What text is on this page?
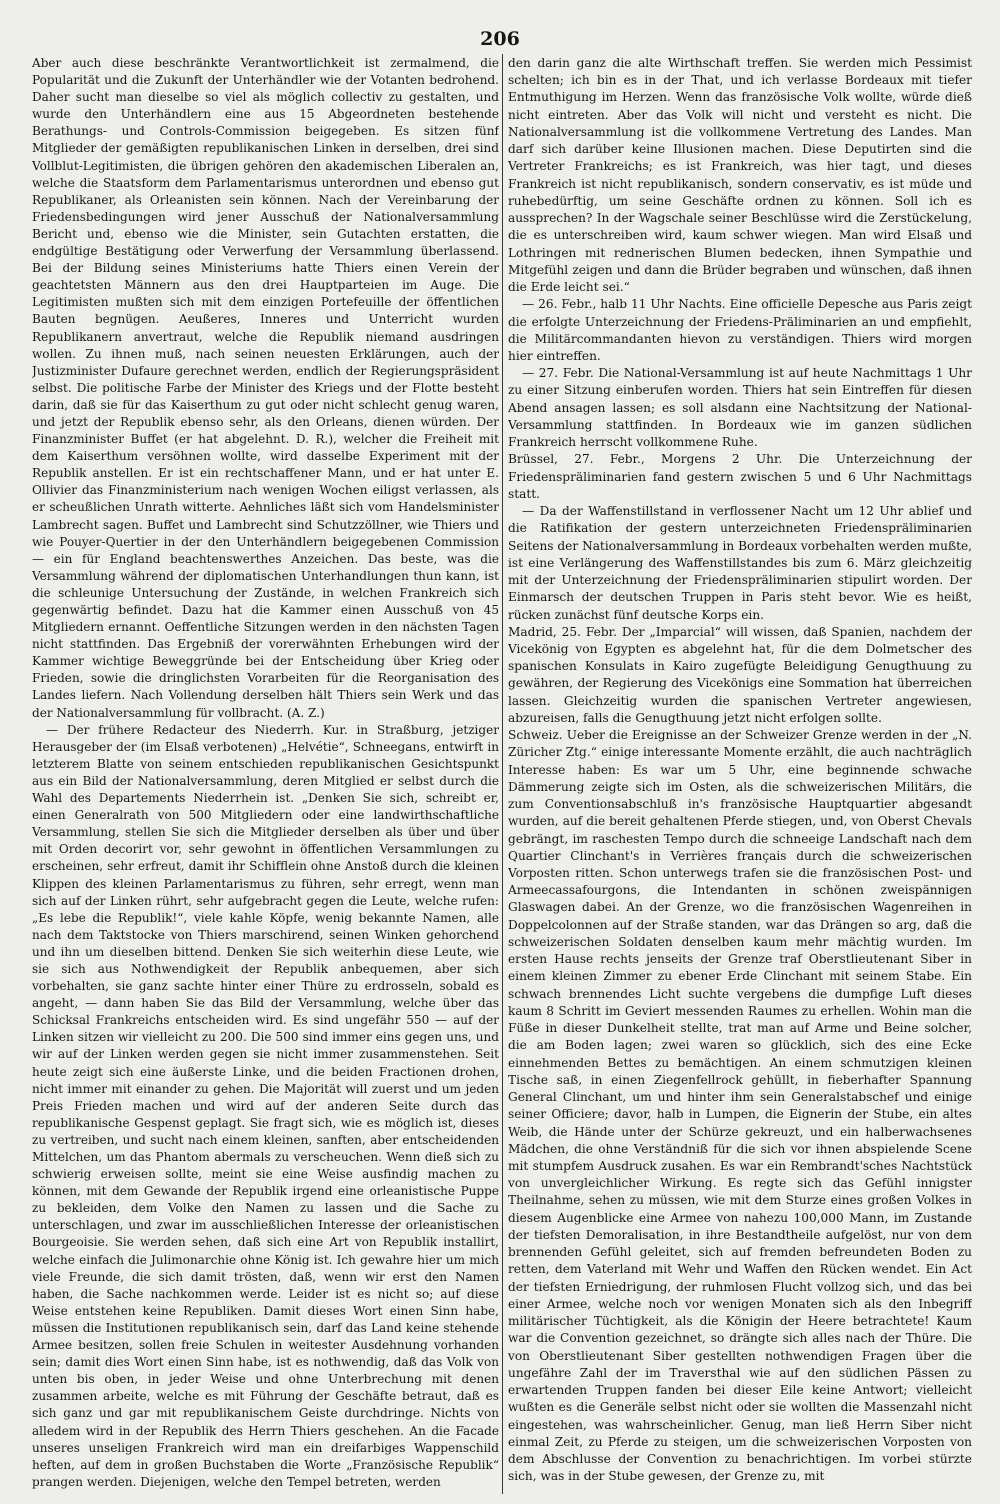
206

Aber auch diese beschränkte Verantwortlichkeit ist zermalmend, die Popularität und die Zukunft der Unterhändler wie der Votanten bedrohend. Daher sucht man dieselbe so viel als möglich collectiv zu gestalten, und wurde den Unterhändlern eine aus 15 Abgeordneten bestehende Berathungs- und Controls-Commission beigegeben. Es sitzen fünf Mitglieder der gemäßigten republikanischen Linken in derselben, drei sind Vollblut-Legitimisten, die übrigen gehören den akademischen Liberalen an, welche die Staatsform dem Parlamentarismus unterordnen und ebenso gut Republikaner, als Orleanisten sein können. Nach der Vereinbarung der Friedensbedingungen wird jener Ausschuß der Nationalversammlung Bericht und, ebenso wie die Minister, sein Gutachten erstatten, die endgültige Bestätigung oder Verwerfung der Versammlung überlassend. Bei der Bildung seines Ministeriums hatte Thiers einen Verein der geachtetsten Männern aus den drei Hauptparteien im Auge. Die Legitimisten mußten sich mit dem einzigen Portefeuille der öffentlichen Bauten begnügen. Aeußeres, Inneres und Unterricht wurden Republikanern anvertraut, welche die Republik niemand ausdringen wollen. Zu ihnen muß, nach seinen neuesten Erklärungen, auch der Justizminister Dufaure gerechnet werden, endlich der Regierungspräsident selbst. Die politische Farbe der Minister des Kriegs und der Flotte besteht darin, daß sie für das Kaiserthum zu gut oder nicht schlecht genug waren, und jetzt der Republik ebenso sehr, als den Orleans, dienen würden. Der Finanzminister Buffet (er hat abgelehnt. D. R.), welcher die Freiheit mit dem Kaiserthum versöhnen wollte, wird dasselbe Experiment mit der Republik anstellen. Er ist ein rechtschaffener Mann, und er hat unter E. Ollivier das Finanzministerium nach wenigen Wochen eiligst verlassen, als er scheußlichen Unrath witterte. Aehnliches läßt sich vom Handelsminister Lambrecht sagen. Buffet und Lambrecht sind Schutzzöllner, wie Thiers und wie Pouyer-Quertier in der den Unterhändlern beigegebenen Commission — ein für England beachtenswerthes Anzeichen. Das beste, was die Versammlung während der diplomatischen Unterhandlungen thun kann, ist die schleunige Untersuchung der Zustände, in welchen Frankreich sich gegenwärtig befindet. Dazu hat die Kammer einen Ausschuß von 45 Mitgliedern ernannt. Oeffentliche Sitzungen werden in den nächsten Tagen nicht stattfinden. Das Ergebniß der vorerwähnten Erhebungen wird der Kammer wichtige Beweggründe bei der Entscheidung über Krieg oder Frieden, sowie die dringlichsten Vorarbeiten für die Reorganisation des Landes liefern. Nach Vollendung derselben hält Thiers sein Werk und das der Nationalversammlung für vollbracht. (A. Z.)

— Der frühere Redacteur des Niederrh. Kur. in Straßburg, jetziger Herausgeber der (im Elsaß verbotenen) „Helvétie“, Schneegans, entwirft in letzterem Blatte von seinem entschieden republikanischen Gesichtspunkt aus ein Bild der Nationalversammlung, deren Mitglied er selbst durch die Wahl des Departements Niederrhein ist. „Denken Sie sich, schreibt er, einen Generalrath von 500 Mitgliedern oder eine landwirthschaftliche Versammlung, stellen Sie sich die Mitglieder derselben als über und über mit Orden decorirt vor, sehr gewohnt in öffentlichen Versammlungen zu erscheinen, sehr erfreut, damit ihr Schifflein ohne Anstoß durch die kleinen Klippen des kleinen Parlamentarismus zu führen, sehr erregt, wenn man sich auf der Linken rührt, sehr aufgebracht gegen die Leute, welche rufen: „Es lebe die Republik!“, viele kahle Köpfe, wenig bekannte Namen, alle nach dem Taktstocke von Thiers marschirend, seinen Winken gehorchend und ihn um dieselben bittend. Denken Sie sich weiterhin diese Leute, wie sie sich aus Nothwendigkeit der Republik anbequemen, aber sich vorbehalten, sie ganz sachte hinter einer Thüre zu erdrosseln, sobald es angeht, — dann haben Sie das Bild der Versammlung, welche über das Schicksal Frankreichs entscheiden wird. Es sind ungefähr 550 — auf der Linken sitzen wir vielleicht zu 200. Die 500 sind immer eins gegen uns, und wir auf der Linken werden gegen sie nicht immer zusammenstehen. Seit heute zeigt sich eine äußerste Linke, und die beiden Fractionen drohen, nicht immer mit einander zu gehen. Die Majorität will zuerst und um jeden Preis Frieden machen und wird auf der anderen Seite durch das republikanische Gespenst geplagt. Sie fragt sich, wie es möglich ist, dieses zu vertreiben, und sucht nach einem kleinen, sanften, aber entscheidenden Mittelchen, um das Phantom abermals zu verscheuchen. Wenn dieß sich zu schwierig erweisen sollte, meint sie eine Weise ausfindig machen zu können, mit dem Gewande der Republik irgend eine orleanistische Puppe zu bekleiden, dem Volke den Namen zu lassen und die Sache zu unterschlagen, und zwar im ausschließlichen Interesse der orleanistischen Bourgeoisie. Sie werden sehen, daß sich eine Art von Republik installirt, welche einfach die Julimonarchie ohne König ist. Ich gewahre hier um mich viele Freunde, die sich damit trösten, daß, wenn wir erst den Namen haben, die Sache nachkommen werde. Leider ist es nicht so; auf diese Weise entstehen keine Republiken. Damit dieses Wort einen Sinn habe, müssen die Institutionen republikanisch sein, darf das Land keine stehende Armee besitzen, sollen freie Schulen in weitester Ausdehnung vorhanden sein; damit dies Wort einen Sinn habe, ist es nothwendig, daß das Volk von unten bis oben, in jeder Weise und ohne Unterbrechung mit denen zusammen arbeite, welche es mit Führung der Geschäfte betraut, daß es sich ganz und gar mit republikanischem Geiste durchdringe. Nichts von alledem wird in der Republik des Herrn Thiers geschehen. An die Facade unseres unseligen Frankreich wird man ein dreifarbiges Wappenschild heften, auf dem in großen Buchstaben die Worte „Französische Republik“ prangen werden. Diejenigen, welche den Tempel betreten, werden

den darin ganz die alte Wirthschaft treffen. Sie werden mich Pessimist schelten; ich bin es in der That, und ich verlasse Bordeaux mit tiefer Entmuthigung im Herzen. Wenn das französische Volk wollte, würde dieß nicht eintreten. Aber das Volk will nicht und versteht es nicht. Die Nationalversammlung ist die vollkommene Vertretung des Landes. Man darf sich darüber keine Illusionen machen. Diese Deputirten sind die Vertreter Frankreichs; es ist Frankreich, was hier tagt, und dieses Frankreich ist nicht republikanisch, sondern conservativ, es ist müde und ruhebedürftig, um seine Geschäfte ordnen zu können. Soll ich es aussprechen? In der Wagschale seiner Beschlüsse wird die Zerstückelung, die es unterschreiben wird, kaum schwer wiegen. Man wird Elsaß und Lothringen mit rednerischen Blumen bedecken, ihnen Sympathie und Mitgefühl zeigen und dann die Brüder begraben und wünschen, daß ihnen die Erde leicht sei.“

— 26. Febr., halb 11 Uhr Nachts. Eine officielle Depesche aus Paris zeigt die erfolgte Unterzeichnung der Friedens-Präliminarien an und empfiehlt, die Militärcommandanten hievon zu verständigen. Thiers wird morgen hier eintreffen.

— 27. Febr. Die National-Versammlung ist auf heute Nachmittags 1 Uhr zu einer Sitzung einberufen worden. Thiers hat sein Eintreffen für diesen Abend ansagen lassen; es soll alsdann eine Nachtsitzung der National-Versammlung stattfinden. In Bordeaux wie im ganzen südlichen Frankreich herrscht vollkommene Ruhe.

Brüssel, 27. Febr., Morgens 2 Uhr. Die Unterzeichnung der Friedenspräliminarien fand gestern zwischen 5 und 6 Uhr Nachmittags statt.

— Da der Waffenstillstand in verflossener Nacht um 12 Uhr ablief und die Ratifikation der gestern unterzeichneten Friedenspräliminarien Seitens der Nationalversammlung in Bordeaux vorbehalten werden mußte, ist eine Verlängerung des Waffenstillstandes bis zum 6. März gleichzeitig mit der Unterzeichnung der Friedenspräliminarien stipulirt worden. Der Einmarsch der deutschen Truppen in Paris steht bevor. Wie es heißt, rücken zunächst fünf deutsche Korps ein.

Madrid, 25. Febr. Der „Imparcial“ will wissen, daß Spanien, nachdem der Vicekönig von Egypten es abgelehnt hat, für die dem Dolmetscher des spanischen Konsulats in Kairo zugefügte Beleidigung Genugthuung zu gewähren, der Regierung des Vicekönigs eine Sommation hat überreichen lassen. Gleichzeitig wurden die spanischen Vertreter angewiesen, abzureisen, falls die Genugthuung jetzt nicht erfolgen sollte.

Schweiz. Ueber die Ereignisse an der Schweizer Grenze werden in der „N. Züricher Ztg.“ einige interessante Momente erzählt, die auch nachträglich Interesse haben: Es war um 5 Uhr, eine beginnende schwache Dämmerung zeigte sich im Osten, als die schweizerischen Militärs, die zum Conventionsabschluß in's französische Hauptquartier abgesandt wurden, auf die bereit gehaltenen Pferde stiegen, und, von Oberst Chevals gebrängt, im raschesten Tempo durch die schneeige Landschaft nach dem Quartier Clinchant's in Verrières français durch die schweizerischen Vorposten ritten. Schon unterwegs trafen sie die französischen Post- und Armeecassafourgons, die Intendanten in schönen zweispännigen Glaswagen dabei. An der Grenze, wo die französischen Wagenreihen in Doppelcolonnen auf der Straße standen, war das Drängen so arg, daß die schweizerischen Soldaten denselben kaum mehr mächtig wurden. Im ersten Hause rechts jenseits der Grenze traf Oberstlieutenant Siber in einem kleinen Zimmer zu ebener Erde Clinchant mit seinem Stabe. Ein schwach brennendes Licht suchte vergebens die dumpfige Luft dieses kaum 8 Schritt im Geviert messenden Raumes zu erhellen. Wohin man die Füße in dieser Dunkelheit stellte, trat man auf Arme und Beine solcher, die am Boden lagen; zwei waren so glücklich, sich des eine Ecke einnehmenden Bettes zu bemächtigen. An einem schmutzigen kleinen Tische saß, in einen Ziegenfellrock gehüllt, in fieberhafter Spannung General Clinchant, um und hinter ihm sein Generalstabschef und einige seiner Officiere; davor, halb in Lumpen, die Eignerin der Stube, ein altes Weib, die Hände unter der Schürze gekreuzt, und ein halberwachsenes Mädchen, die ohne Verständniß für die sich vor ihnen abspielende Scene mit stumpfem Ausdruck zusahen. Es war ein Rembrandt'sches Nachtstück von unvergleichlicher Wirkung. Es regte sich das Gefühl innigster Theilnahme, sehen zu müssen, wie mit dem Sturze eines großen Volkes in diesem Augenblicke eine Armee von nahezu 100,000 Mann, im Zustande der tiefsten Demoralisation, in ihre Bestandtheile aufgelöst, nur von dem brennenden Gefühl geleitet, sich auf fremden befreundeten Boden zu retten, dem Vaterland mit Wehr und Waffen den Rücken wendet. Ein Act der tiefsten Erniedrigung, der ruhmlosen Flucht vollzog sich, und das bei einer Armee, welche noch vor wenigen Monaten sich als den Inbegriff militärischer Tüchtigkeit, als die Königin der Heere betrachtete! Kaum war die Convention gezeichnet, so drängte sich alles nach der Thüre. Die von Oberstlieutenant Siber gestellten nothwendigen Fragen über die ungefähre Zahl der im Traversthal wie auf den südlichen Pässen zu erwartenden Truppen fanden bei dieser Eile keine Antwort; vielleicht wußten es die Generäle selbst nicht oder sie wollten die Massenzahl nicht eingestehen, was wahrscheinlicher. Genug, man ließ Herrn Siber nicht einmal Zeit, zu Pferde zu steigen, um die schweizerischen Vorposten von dem Abschlusse der Convention zu benachrichtigen. Im vorbei stürzte sich, was in der Stube gewesen, der Grenze zu, mit
